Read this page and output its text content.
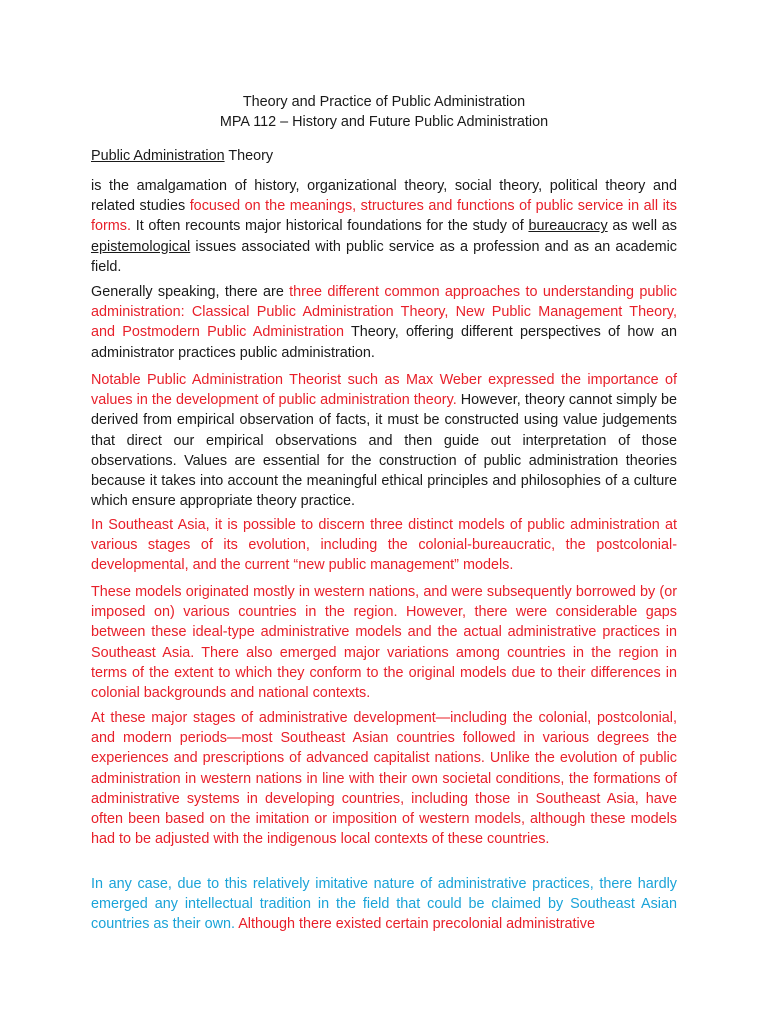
Theory and Practice of Public Administration
MPA 112 – History and Future Public Administration
Public Administration Theory

is the amalgamation of history, organizational theory, social theory, political theory and related studies focused on the meanings, structures and functions of public service in all its forms. It often recounts major historical foundations for the study of bureaucracy as well as epistemological issues associated with public service as a profession and as an academic field.

Generally speaking, there are three different common approaches to understanding public administration: Classical Public Administration Theory, New Public Management Theory, and Postmodern Public Administration Theory, offering different perspectives of how an administrator practices public administration.

Notable Public Administration Theorist such as Max Weber expressed the importance of values in the development of public administration theory. However, theory cannot simply be derived from empirical observation of facts, it must be constructed using value judgements that direct our empirical observations and then guide out interpretation of those observations. Values are essential for the construction of public administration theories because it takes into account the meaningful ethical principles and philosophies of a culture which ensure appropriate theory practice.

In Southeast Asia, it is possible to discern three distinct models of public administration at various stages of its evolution, including the colonial-bureaucratic, the postcolonial-developmental, and the current “new public management” models.

These models originated mostly in western nations, and were subsequently borrowed by (or imposed on) various countries in the region. However, there were considerable gaps between these ideal-type administrative models and the actual administrative practices in Southeast Asia. There also emerged major variations among countries in the region in terms of the extent to which they conform to the original models due to their differences in colonial backgrounds and national contexts.

At these major stages of administrative development—including the colonial, postcolonial, and modern periods—most Southeast Asian countries followed in various degrees the experiences and prescriptions of advanced capitalist nations. Unlike the evolution of public administration in western nations in line with their own societal conditions, the formations of administrative systems in developing countries, including those in Southeast Asia, have often been based on the imitation or imposition of western models, although these models had to be adjusted with the indigenous local contexts of these countries.

In any case, due to this relatively imitative nature of administrative practices, there hardly emerged any intellectual tradition in the field that could be claimed by Southeast Asian countries as their own. Although there existed certain precolonial administrative
